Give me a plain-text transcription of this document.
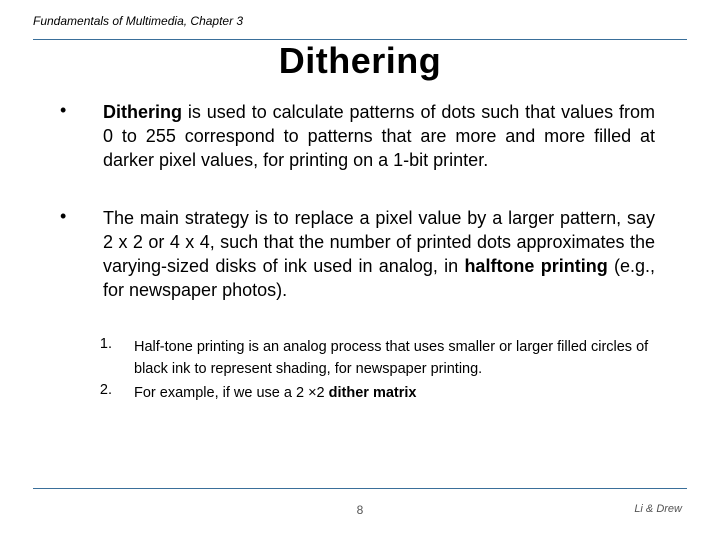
Fundamentals of Multimedia, Chapter 3
Dithering
• Dithering is used to calculate patterns of dots such that values from 0 to 255 correspond to patterns that are more and more filled at darker pixel values, for printing on a 1-bit printer.
• The main strategy is to replace a pixel value by a larger pattern, say 2 x 2 or 4 x 4, such that the number of printed dots approximates the varying-sized disks of ink used in analog, in halftone printing (e.g., for newspaper photos).
1. Half-tone printing is an analog process that uses smaller or larger filled circles of black ink to represent shading, for newspaper printing.
2. For example, if we use a 2 ×2 dither matrix
8	Li & Drew
